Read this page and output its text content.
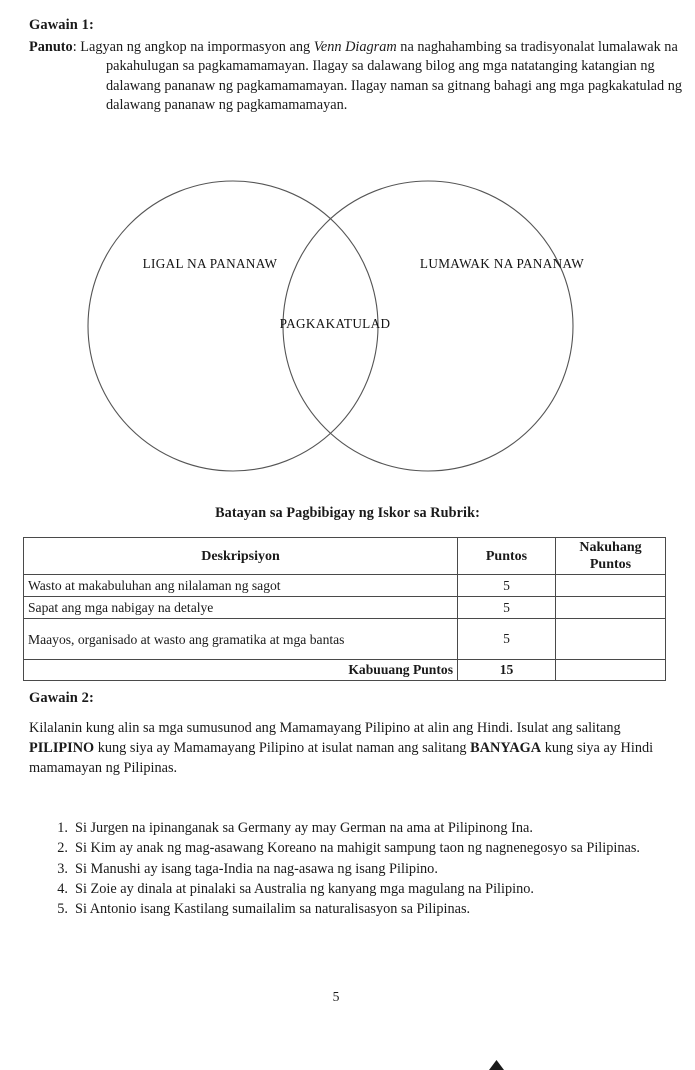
Gawain 1:
Panuto: Lagyan ng angkop na impormasyon ang Venn Diagram na naghahambing sa tradisyonalat lumalawak na pakahulugan sa pagkamamamayan. Ilagay sa dalawang bilog ang mga natatanging katangian ng dalawang pananaw ng pagkamamamayan. Ilagay naman sa gitnang bahagi ang mga pagkakatulad ng dalawang pananaw ng pagkamamamayan.
LIGAL NA PANANAW	LUMAWAK NA PANANAW
PAGKAKATULAD
Batayan sa Pagbibigay ng Iskor sa Rubrik:
Deskripsiyon	Puntos	Nakuhang Puntos
Wasto at makabuluhan ang nilalaman ng sagot	5	
Sapat ang mga nabigay na detalye	5	
Maayos, organisado at wasto ang gramatika at mga bantas	5	
Kabuuang Puntos	15	
Gawain 2:
Kilalanin kung alin sa mga sumusunod ang Mamamayang Pilipino at alin ang Hindi. Isulat ang salitang PILIPINO kung siya ay Mamamayang Pilipino at isulat naman ang salitang BANYAGA kung siya ay Hindi mamamayan ng Pilipinas.
1. Si Jurgen na ipinanganak sa Germany ay may German na ama at Pilipinong Ina.
2. Si Kim ay anak ng mag-asawang Koreano na mahigit sampung taon ng nagnenegosyo sa Pilipinas.
3. Si Manushi ay isang taga-India na nag-asawa ng isang Pilipino.
4. Si Zoie ay dinala at pinalaki sa Australia ng kanyang mga magulang na Pilipino.
5. Si Antonio isang Kastilang sumailalim sa naturalisasyon sa Pilipinas.
5
